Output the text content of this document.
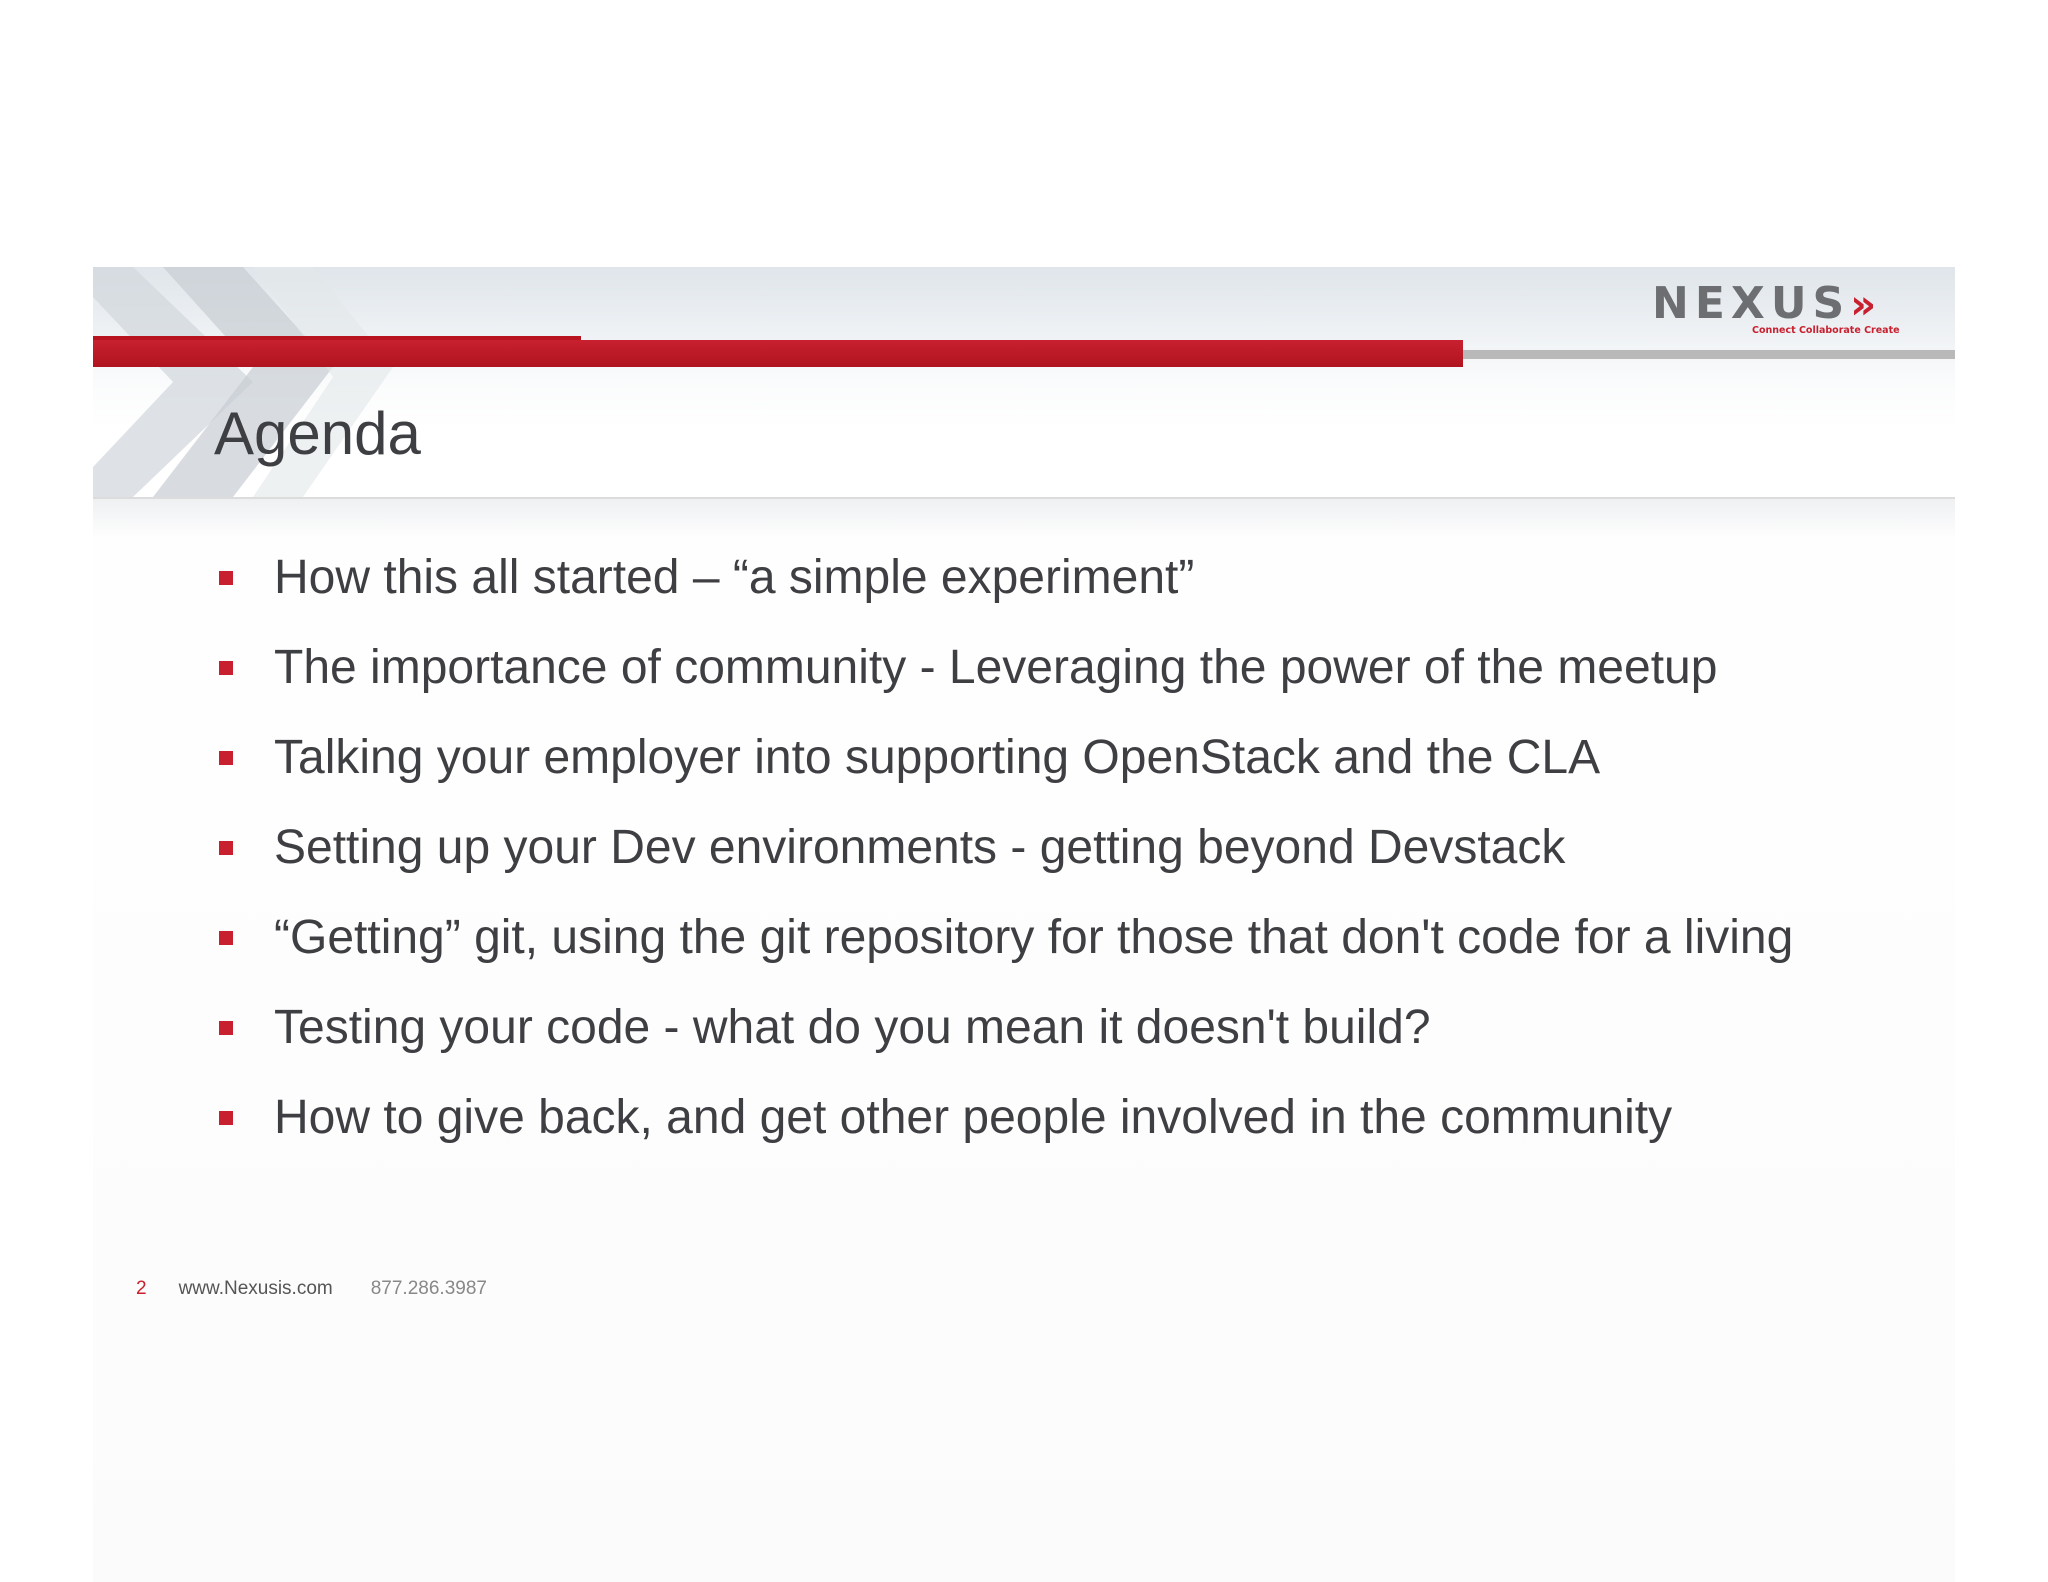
NEXUS»
Connect Collaborate Create
Agenda
How this all started – “a simple experiment”
The importance of community - Leveraging the power of the meetup
Talking your employer into supporting OpenStack and the CLA
Setting up your Dev environments - getting beyond Devstack
“Getting” git, using the git repository for those that don't code for a living
Testing your code - what do you mean it doesn't build?
How to give back, and get other people involved in the community
2 www.Nexusis.com 877.286.3987
